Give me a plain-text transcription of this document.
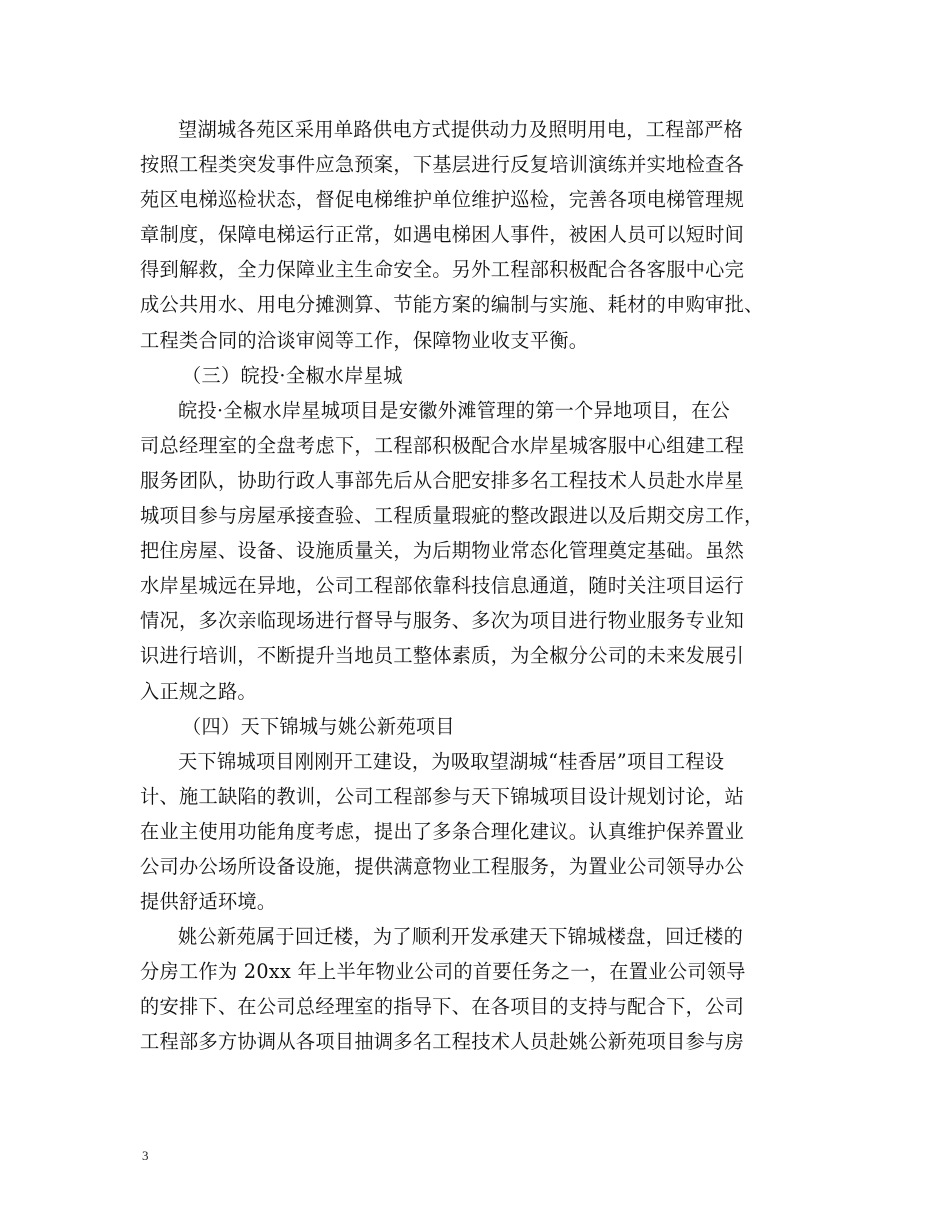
望湖城各苑区采用单路供电方式提供动力及照明用电，工程部严格
按照工程类突发事件应急预案，下基层进行反复培训演练并实地检查各
苑区电梯巡检状态，督促电梯维护单位维护巡检，完善各项电梯管理规
章制度，保障电梯运行正常，如遇电梯困人事件，被困人员可以短时间
得到解救，全力保障业主生命安全。另外工程部积极配合各客服中心完
成公共用水、用电分摊测算、节能方案的编制与实施、耗材的申购审批、
工程类合同的洽谈审阅等工作，保障物业收支平衡。

（三）皖投·全椒水岸星城

皖投·全椒水岸星城项目是安徽外滩管理的第一个异地项目，在公
司总经理室的全盘考虑下，工程部积极配合水岸星城客服中心组建工程
服务团队，协助行政人事部先后从合肥安排多名工程技术人员赴水岸星
城项目参与房屋承接查验、工程质量瑕疵的整改跟进以及后期交房工作，
把住房屋、设备、设施质量关，为后期物业常态化管理奠定基础。虽然
水岸星城远在异地，公司工程部依靠科技信息通道，随时关注项目运行
情况，多次亲临现场进行督导与服务、多次为项目进行物业服务专业知
识进行培训，不断提升当地员工整体素质，为全椒分公司的未来发展引
入正规之路。

（四）天下锦城与姚公新苑项目

天下锦城项目刚刚开工建设，为吸取望湖城“桂香居”项目工程设
计、施工缺陷的教训，公司工程部参与天下锦城项目设计规划讨论，站
在业主使用功能角度考虑，提出了多条合理化建议。认真维护保养置业
公司办公场所设备设施，提供满意物业工程服务，为置业公司领导办公
提供舒适环境。

姚公新苑属于回迁楼，为了顺利开发承建天下锦城楼盘，回迁楼的
分房工作为 20xx 年上半年物业公司的首要任务之一，在置业公司领导
的安排下、在公司总经理室的指导下、在各项目的支持与配合下，公司
工程部多方协调从各项目抽调多名工程技术人员赴姚公新苑项目参与房

3
